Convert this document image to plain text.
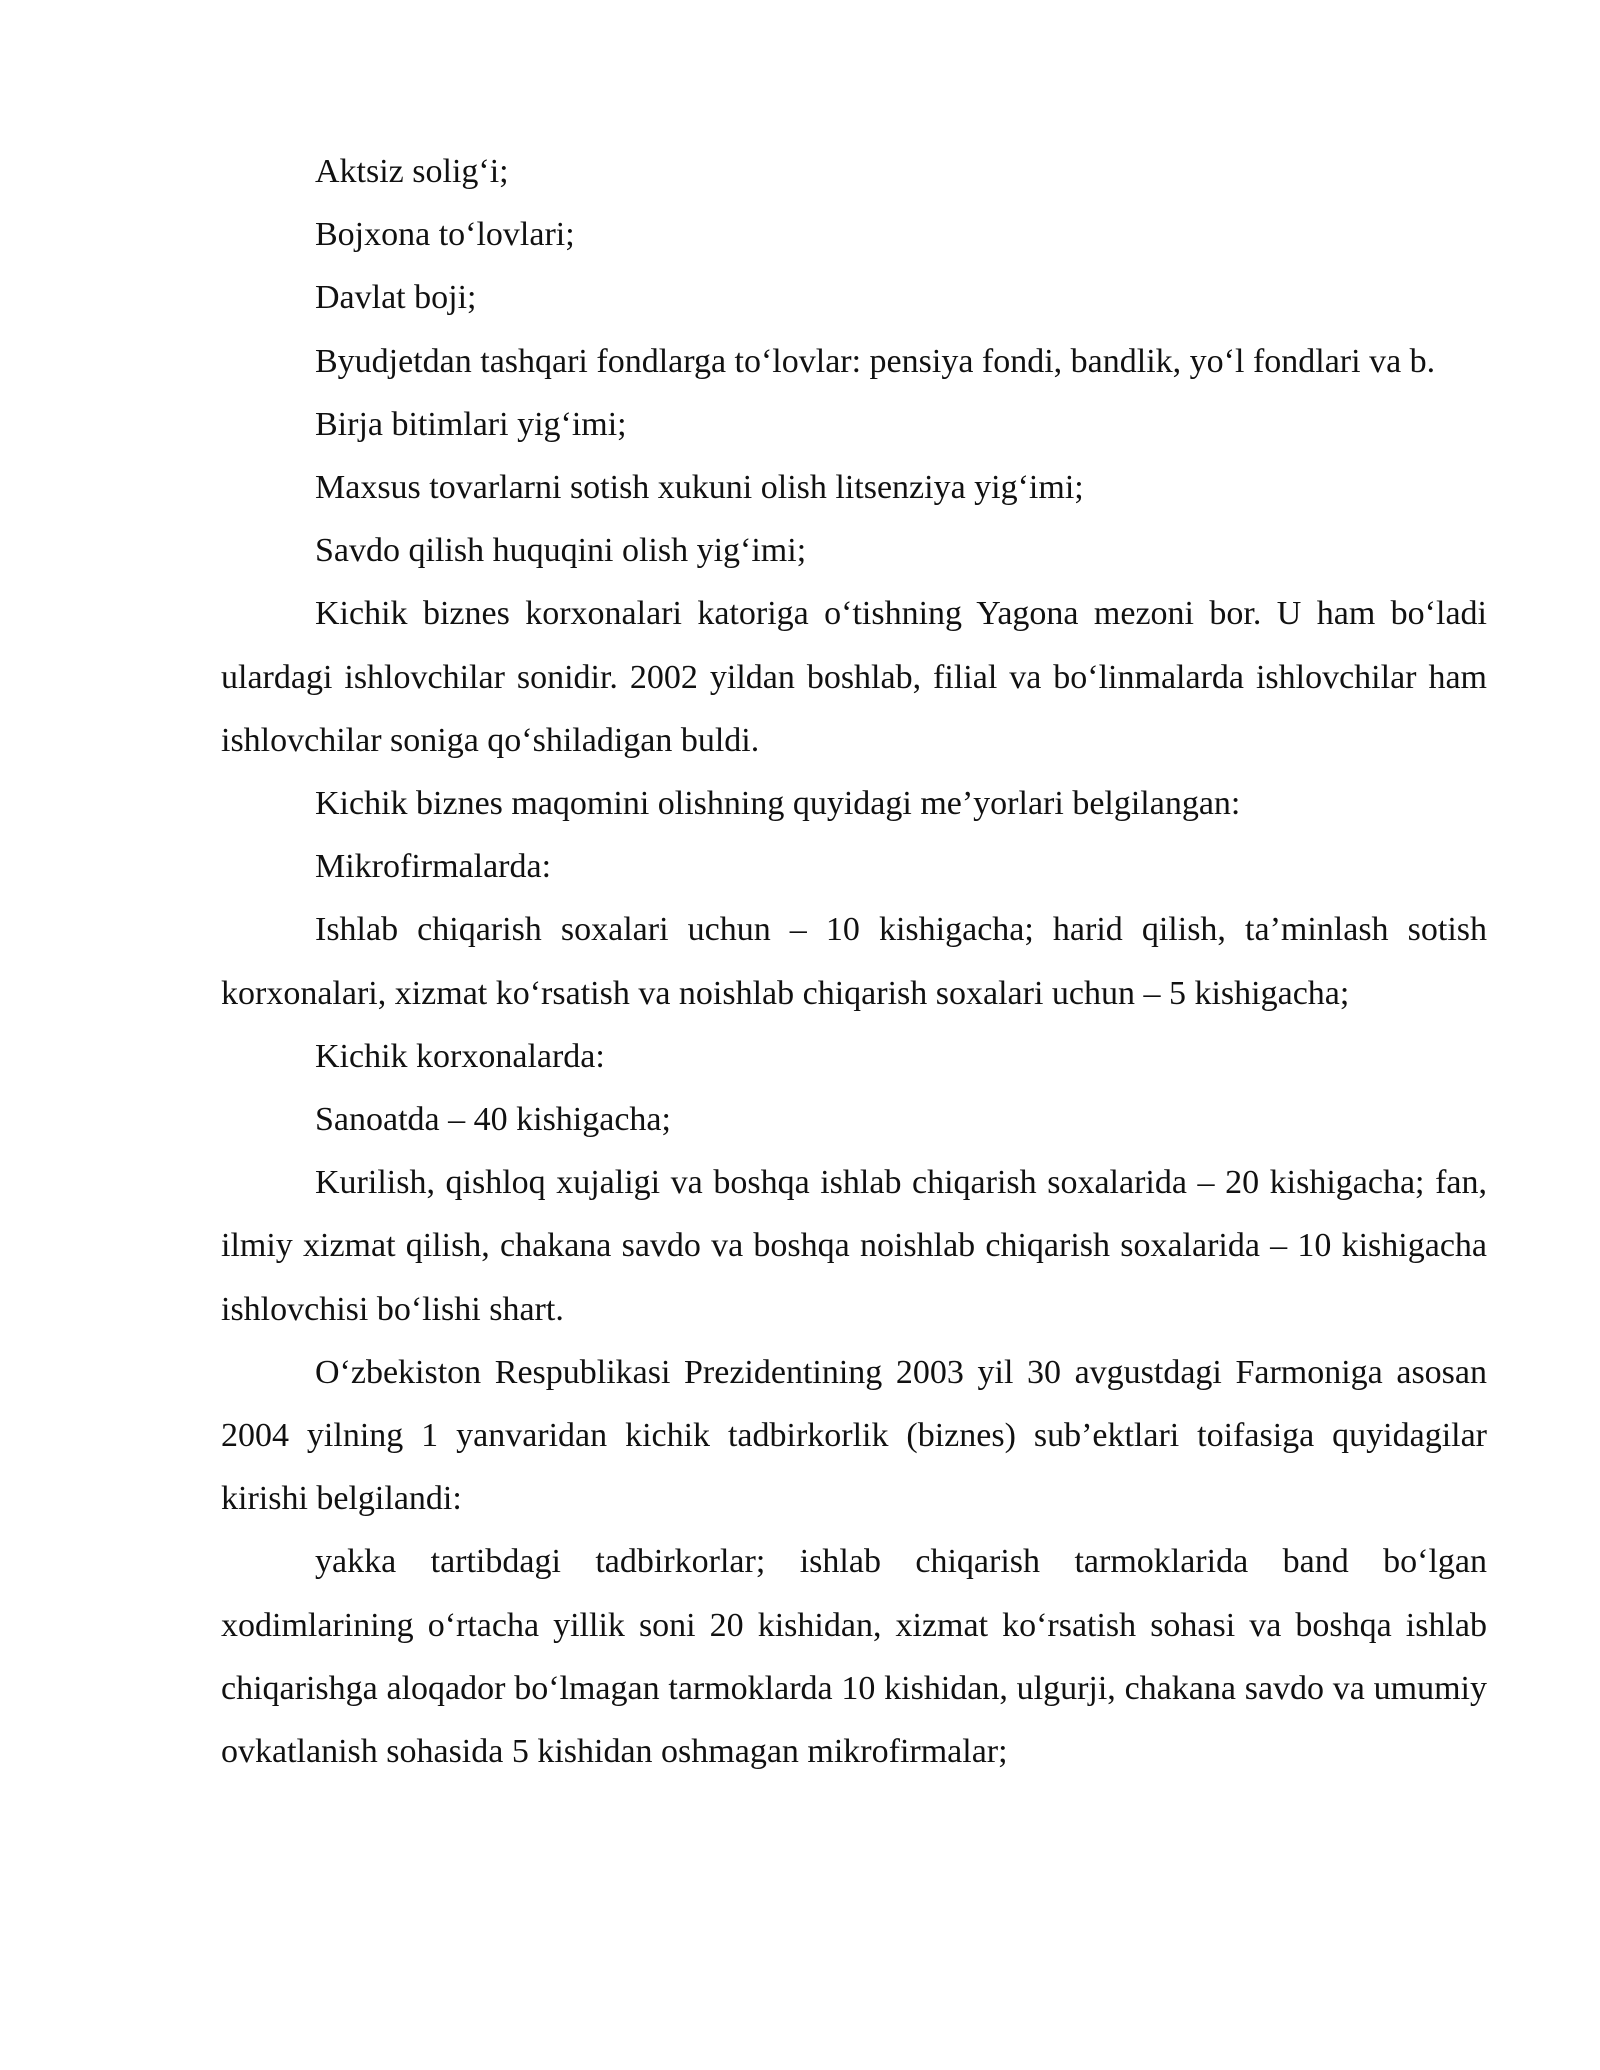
Aktsiz solig‘i;

Bojxona to‘lovlari;

Davlat boji;

Byudjetdan tashqari fondlarga to‘lovlar: pensiya fondi, bandlik, yo‘l fondlari va b.

Birja bitimlari yig‘imi;

Maxsus tovarlarni sotish xukuni olish litsenziya yig‘imi;

Savdo qilish huquqini olish yig‘imi;

Kichik biznes korxonalari katoriga o‘tishning Yagona mezoni bor. U ham bo‘ladi ulardagi ishlovchilar sonidir. 2002 yildan boshlab, filial va bo‘linmalarda ishlovchilar ham ishlovchilar soniga qo‘shiladigan buldi.

Kichik biznes maqomini olishning quyidagi me’yorlari belgilangan:

Mikrofirmalarda:

Ishlab chiqarish soxalari uchun – 10 kishigacha; harid qilish, ta’minlash sotish korxonalari, xizmat ko‘rsatish va noishlab chiqarish soxalari uchun – 5 kishigacha;

Kichik korxonalarda:

Sanoatda – 40 kishigacha;

Kurilish, qishloq xujaligi va boshqa ishlab chiqarish soxalarida – 20 kishigacha; fan, ilmiy xizmat qilish, chakana savdo va boshqa noishlab chiqarish soxalarida – 10 kishigacha ishlovchisi bo‘lishi shart.

O‘zbekiston Respublikasi Prezidentining 2003 yil 30 avgustdagi Farmoniga asosan 2004 yilning 1 yanvaridan kichik tadbirkorlik (biznes) sub’ektlari toifasiga quyidagilar kirishi belgilandi:

yakka tartibdagi tadbirkorlar; ishlab chiqarish tarmoklarida band bo‘lgan xodimlarining o‘rtacha yillik soni 20 kishidan, xizmat ko‘rsatish sohasi va boshqa ishlab chiqarishga aloqador bo‘lmagan tarmoklarda 10 kishidan, ulgurji, chakana savdo va umumiy ovkatlanish sohasida 5 kishidan oshmagan mikrofirmalar;
